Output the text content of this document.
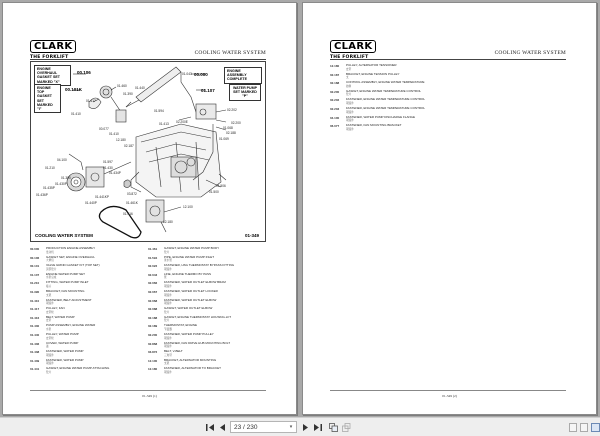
CLARK
THE FORKLIFT
COOLING WATER SYSTEM
ENGINE OVERHAUL GASKET SET MARKED "X"
00.106
ENGINE TOP GASKET SET MARKED "I"
00.101K
ENGINE ASSEMBLY COMPLETE
00.000
WATER PUMP SET MARKED "P"
01.107
01.043
01.460	01.440
01.390
01.417
01.410
01.594
01.413 02.200E
02.202
02.200
01.068
02.188
01.069
00.077
01.410
12.180
02.187
04.100
01.210
01.597
01.430
01.434P
01.390
01.430P
01.435P
01.436P
01.440P
01.441KP
03.872
01.461K
01.416
01.500
01.506
12.100
12.180
COOLING WATER SYSTEM	01-349
00.000	PRODUCTION ENGINE ASSEMBLY
发动机
00.106	GASKET SET, ENGINE OVERHAUL
大修包
00.101	VALVE GRIND GASKET KIT (TOP SET)
顶部垫片
01.107	ENGINE WATER PUMP SET
水泵总成
01.210	FITTING, WATER PUMP INLET
接头
01.390	BRACKET, FAN MOUNTING
支架
01.410	FASTENER, BELT ADJUSTMENT
紧固件
01.417	PULLEY, FAN
皮带轮
01.416	BELT, WATER PUMP
皮带
01.430	PUMP ASSEMBLY, ENGINE WATER
水泵
01.440	PULLEY, WATER PUMP
皮带轮
01.436	COVER, WATER PUMP
盖
01.438	FASTENER, WATER PUMP
紧固件
01.439	FASTENER, WATER PUMP
紧固件
01.441	GASKET, ENGINE WATER PUMP ATTACHING
垫片
01.461	GASKET, ENGINE WATER PUMP BODY
垫片
01.594	PIPE, ENGINE WATER PUMP INLET
进水管
02.022	FASTENER, HSG THERMOSTAT BYPASS FITTING
紧固件
02.043	LINE, ENGINE THERMO BY PASS
管
02.066	FASTENER, WATER OUTLET ELBOW BRAM
紧固件
02.067	FASTENER, WATER OUTLET LOCKER
紧固件
02.068	FASTENER, WATER OUTLET ELBOW
紧固件
02.088	GASKET, WATER OUTLET ELBOW
垫片
02.188	GASKET, ENGINE THERMOSTAT HOUSING-LFT
垫片
02.189	THERMOSTAT, ENGINE
节温器
02.200	FASTENER, WATER PUMP PULLEY
紧固件
02.868	FASTENER, FAN DRIVE HUB MOUNTING BOLT
紧固件
03.872	BELT, V-BELT
三角带
12.100	BRACKET, ALTERNATOR MOUNTING
支架
12.180	FASTENER, ALTERNATOR TO BRACKET
紧固件
01-349 (1)
CLARK
THE FORKLIFT
COOLING WATER SYSTEM
12.180	PULLEY, ALTERNATOR TENSIONER
皮带
02.187	BRACKET, ENGINE TENSION PULLEY
支
02.188	CONTROL ASSEMBLY, ENGINE WATER TEMPERATURE
控制
02.200	GASKET, ENGINE WATER TEMPERATURE CONTROL
垫片
02.202	FASTENER, ENGINE WATER TEMPERATURE CONTROL
紧固件
02.203	FASTENER, ENGINE WATER TEMPERATURE CONTROL
紧固件
04.100	FASTENER, WATER PUMP DISCHARGE FLANGE
紧固件
06.077	FASTENER, FAN MOUNTING BRACKET
紧固件
01-349 (2)
23 / 230
▾
